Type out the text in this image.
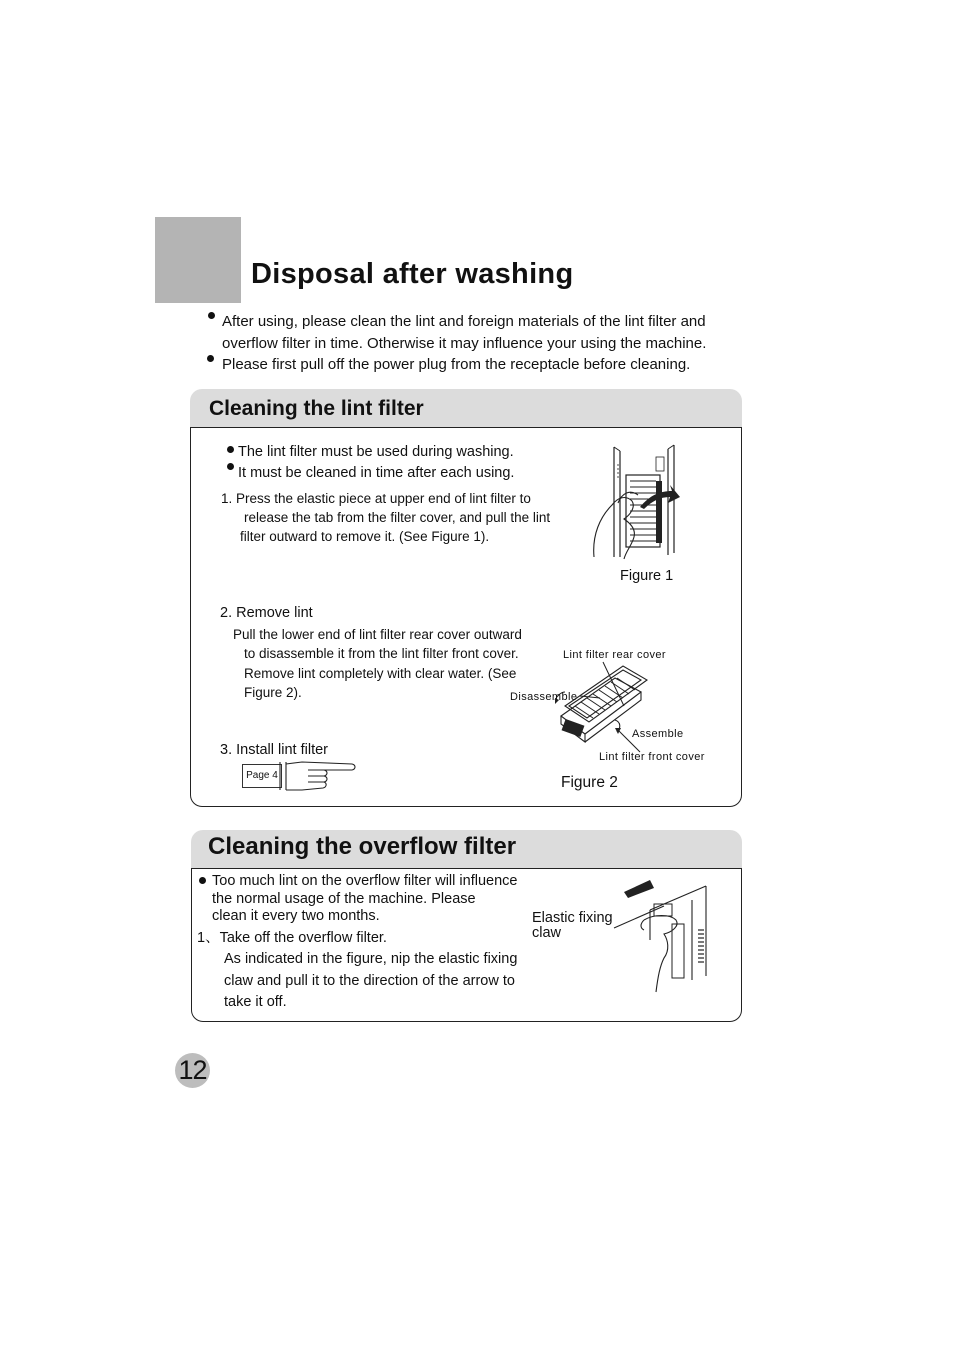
Disposal after washing
After using, please clean the lint and foreign materials of the lint filter and
overflow filter in time. Otherwise it may influence your using the machine.
Please first pull off the power plug from the receptacle before cleaning.
Cleaning the lint filter
The lint filter must be used during washing.
It must be cleaned in time after each using.
1. Press the elastic piece at upper end of lint filter to
release the tab from the filter cover, and pull the lint
filter outward to remove it. (See Figure 1).
Figure 1
2. Remove lint
Pull the lower end of lint filter rear cover outward
to disassemble it from the lint filter front cover.
Remove lint completely with clear water. (See
Figure 2).
Lint filter rear cover
Disassemble
Assemble
Lint filter front cover
3. Install lint filter
Page 4	Figure 2
Cleaning the overflow filter
Too much lint on the overflow filter will influence
the normal usage of the machine. Please
clean it every two months.
1、Take off the overflow filter.
As indicated in the figure, nip the elastic fixing
claw and pull it to the direction of the arrow to
take it off.
Elastic fixing
claw
12
